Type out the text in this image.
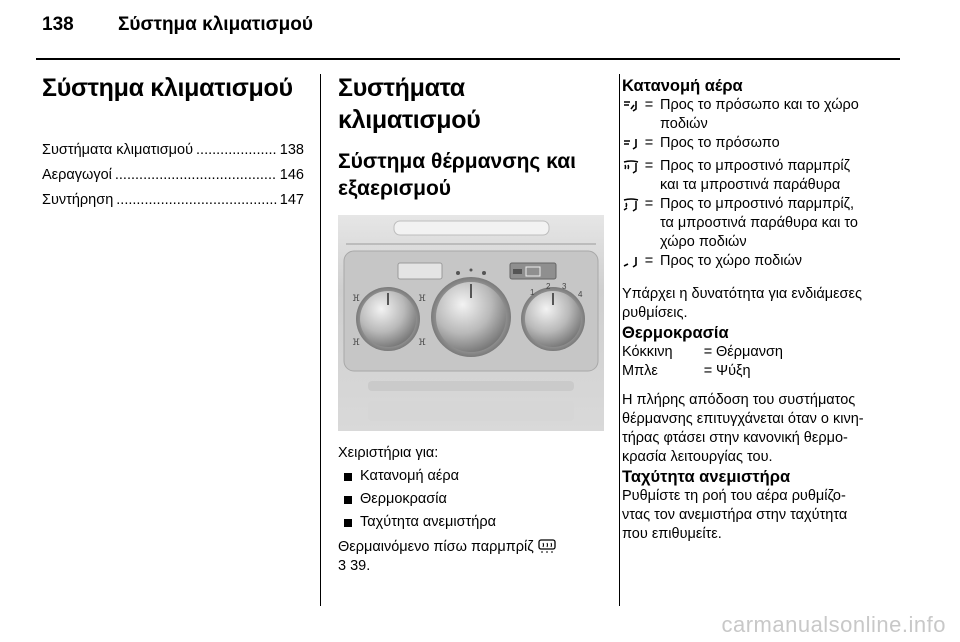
138 Σύστημα κλιματισμού
Σύστημα κλιματισμού
Συστήματα κλιματισμού .....	138
Αεραγωγοί .....	146
Συντήρηση .....	147
Συστήματα κλιματισμού
Σύστημα θέρμανσης και
εξαερισμού
ⴼ	ⴼ
ⴼ	ⴼ
1
2 3
4
Χειριστήρια για:
Κατανομή αέρα
Θερμοκρασία
Ταχύτητα ανεμιστήρα
Θερμαινόμενο πίσω παρμπρίζ
3 39.
Κατανομή αέρα
= Προς το πρόσωπο και το χώρο
ποδιών
= Προς το πρόσωπο
= Προς το μπροστινό παρμπρίζ
και τα μπροστινά παράθυρα
= Προς το μπροστινό παρμπρίζ,
τα μπροστινά παράθυρα και το
χώρο ποδιών
= Προς το χώρο ποδιών
Υπάρχει η δυνατότητα για ενδιάμεσες
ρυθμίσεις.
Θερμοκρασία
Κόκκινη	= Θέρμανση
Μπλε	= Ψύξη
Η πλήρης απόδοση του συστήματος
θέρμανσης επιτυγχάνεται όταν ο κινη-
τήρας φτάσει στην κανονική θερμο-
κρασία λειτουργίας του.
Ταχύτητα ανεμιστήρα
Ρυθμίστε τη ροή του αέρα ρυθμίζο-
ντας τον ανεμιστήρα στην ταχύτητα
που επιθυμείτε.
carmanualsonline.info
